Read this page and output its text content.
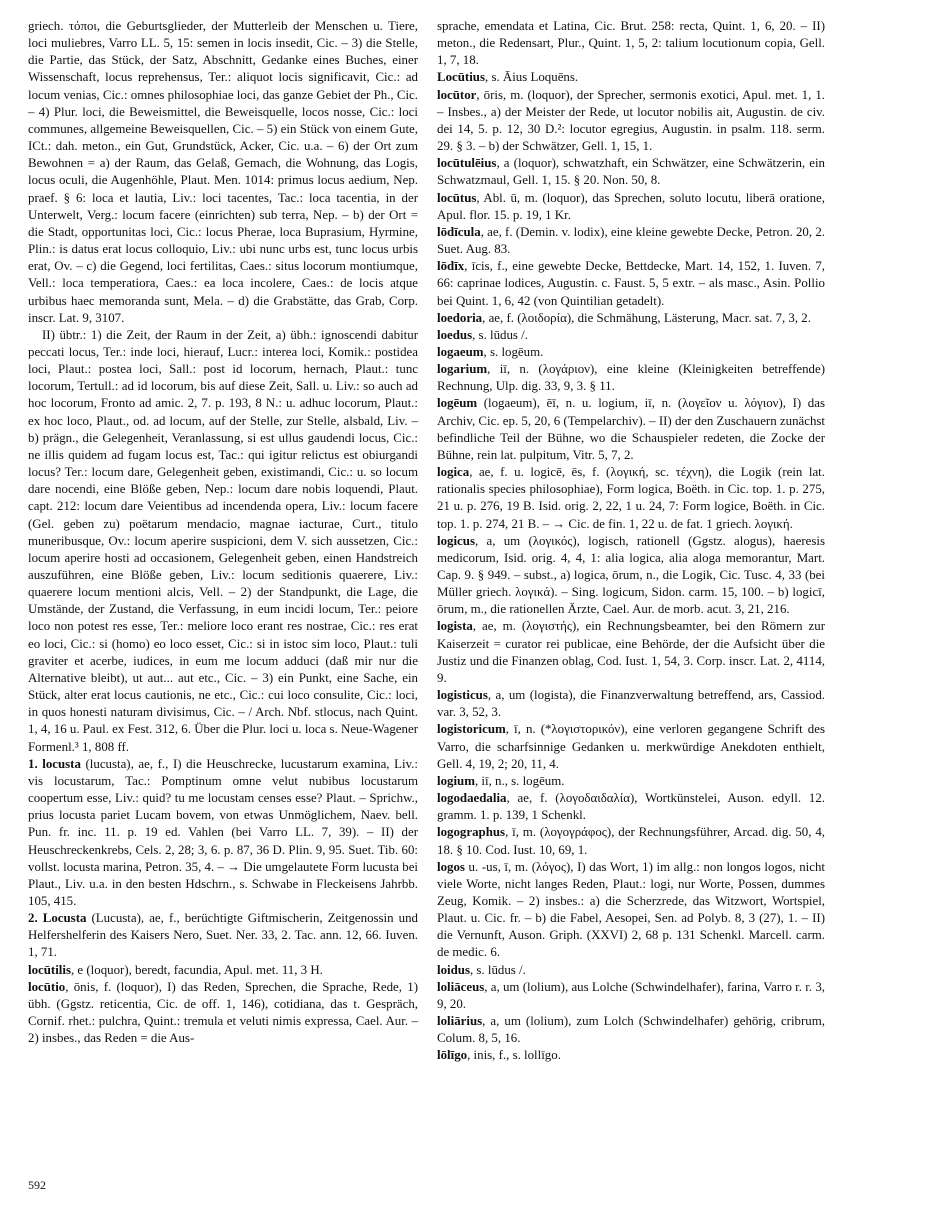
griech. τόποι, die Geburtsglieder, der Mutterleib der Menschen u. Tiere, loci muliebres, Varro LL. 5, 15: semen in locis insedit, Cic. – 3) die Stelle, die Partie, das Stück, der Satz, Abschnitt, Gedanke eines Buches, einer Wissenschaft, locus reprehensus, Ter.: aliquot locis significavit, Cic.: ad locum venias, Cic.: omnes philosophiae loci, das ganze Gebiet der Ph., Cic. – 4) Plur. loci, die Beweismittel, die Beweisquelle, locos nosse, Cic.: loci communes, allgemeine Beweisquellen, Cic. – 5) ein Stück von einem Gute, ICt.: dah. meton., ein Gut, Grundstück, Acker, Cic. u.a. – 6) der Ort zum Bewohnen = a) der Raum, das Gelaß, Gemach, die Wohnung, das Logis, locus oculi, die Augenhöhle, Plaut. Men. 1014: primus locus aedium, Nep. praef. § 6: loca et lautia, Liv.: loci tacentes, Tac.: loca tacentia, in der Unterwelt, Verg.: locum facere (einrichten) sub terra, Nep. – b) der Ort = die Stadt, opportunitas loci, Cic.: locus Pherae, loca Buprasium, Hyrmine, Plin.: is datus erat locus colloquio, Liv.: ubi nunc urbs est, tunc locus urbis erat, Ov. – c) die Gegend, loci fertilitas, Caes.: situs locorum montiumque, Vell.: loca temperatiora, Caes.: ea loca incolere, Caes.: de locis atque urbibus haec memoranda sunt, Mela. – d) die Grabstätte, das Grab, Corp. inscr. Lat. 9, 3107.

II) übtr.: 1) die Zeit, der Raum in der Zeit, a) übh.: ignoscendi dabitur peccati locus, Ter.: inde loci, hierauf, Lucr.: interea loci, Komik.: postidea loci, Plaut.: postea loci, Sall.: post id locorum, hernach, Plaut.: tunc locorum, Tertull.: ad id locorum, bis auf diese Zeit, Sall. u. Liv.: so auch ad hoc locorum, Fronto ad amic. 2, 7. p. 193, 8 N.: u. adhuc locorum, Plaut.: ex hoc loco, Plaut., od. ad locum, auf der Stelle, zur Stelle, alsbald, Liv. – b) prägn., die Gelegenheit, Veranlassung, si est ullus gaudendi locus, Cic.: ne illis quidem ad fugam locus est, Tac.: qui igitur relictus est obiurgandi locus? Ter.: locum dare, Gelegenheit geben, existimandi, Cic.: u. so locum dare nocendi, eine Blöße geben, Nep.: locum dare nobis loquendi, Plaut. capt. 212: locum dare Veientibus ad incendenda opera, Liv.: locum facere (Gel. geben zu) poëtarum mendacio, magnae iacturae, Curt., titulo muneribusque, Ov.: locum aperire suspicioni, dem V. sich aussetzen, Cic.: locum aperire hosti ad occasionem, Gelegenheit geben, einen Handstreich auszuführen, eine Blöße geben, Liv.: locum seditionis quaerere, Liv.: quaerere locum mentioni alcis, Vell. – 2) der Standpunkt, die Lage, die Umstände, der Zustand, die Verfassung, in eum incidi locum, Ter.: peiore loco non potest res esse, Ter.: meliore loco erant res nostrae, Cic.: res erat eo loci, Cic.: si (homo) eo loco esset, Cic.: si in istoc sim loco, Plaut.: tuli graviter et acerbe, iudices, in eum me locum adduci (daß mir nur die Alternative bleibt), ut aut... aut etc., Cic. – 3) ein Punkt, eine Sache, ein Stück, alter erat locus cautionis, ne etc., Cic.: cui loco consulite, Cic.: loci, in quos honesti naturam divisimus, Cic. – / Arch. Nbf. stlocus, nach Quint. 1, 4, 16 u. Paul. ex Fest. 312, 6. Über die Plur. loci u. loca s. Neue-Wagener Formenl.³ 1, 808 ff.

1. locusta (lucusta), ae, f., I) die Heuschrecke, lucustarum examina, Liv.: vis locustarum, Tac.: Pomptinum omne velut nubibus locustarum coopertum esse, Liv.: quid? tu me locustam censes esse? Plaut. – Sprichw., prius locusta pariet Lucam bovem, von etwas Unmöglichem, Naev. bell. Pun. fr. inc. 11. p. 19 ed. Vahlen (bei Varro LL. 7, 39). – II) der Heuschreckenkrebs, Cels. 2, 28; 3, 6. p. 87, 36 D. Plin. 9, 95. Suet. Tib. 60: vollst. locusta marina, Petron. 35, 4. – → Die umgelautete Form lucusta bei Plaut., Liv. u.a. in den besten Hdschrn., s. Schwabe in Fleckeisens Jahrbb. 105, 415.

2. Locusta (Lucusta), ae, f., berüchtigte Giftmischerin, Zeitgenossin und Helfershelferin des Kaisers Nero, Suet. Ner. 33, 2. Tac. ann. 12, 66. Iuven. 1, 71.

locūtilis, e (loquor), beredt, facundia, Apul. met. 11, 3 H.

locūtio, ōnis, f. (loquor), I) das Reden, Sprechen, die Sprache, Rede, 1) übh. (Ggstz. reticentia, Cic. de off. 1, 146), cotidiana, das t. Gespräch, Cornif. rhet.: pulchra, Quint.: tremula et veluti nimis expressa, Cael. Aur. – 2) insbes., das Reden = die Aus-

sprache, emendata et Latina, Cic. Brut. 258: recta, Quint. 1, 6, 20. – II) meton., die Redensart, Plur., Quint. 1, 5, 2: talium locutionum copia, Gell. 1, 7, 18.

Locūtius, s. Āius Loquēns.

locūtor, ōris, m. (loquor), der Sprecher, sermonis exotici, Apul. met. 1, 1. – Insbes., a) der Meister der Rede, ut locutor nobilis ait, Augustin. de civ. dei 14, 5. p. 12, 30 D.²: locutor egregius, Augustin. in psalm. 118. serm. 29. § 3. – b) der Schwätzer, Gell. 1, 15, 1.

locūtulēius, a (loquor), schwatzhaft, ein Schwätzer, eine Schwätzerin, ein Schwatzmaul, Gell. 1, 15. § 20. Non. 50, 8.

locūtus, Abl. ū, m. (loquor), das Sprechen, soluto locutu, liberā oratione, Apul. flor. 15. p. 19, 1 Kr.

lōdīcula, ae, f. (Demin. v. lodix), eine kleine gewebte Decke, Petron. 20, 2. Suet. Aug. 83.

lōdīx, īcis, f., eine gewebte Decke, Bettdecke, Mart. 14, 152, 1. Iuven. 7, 66: caprinae lodices, Augustin. c. Faust. 5, 5 extr. – als masc., Asin. Pollio bei Quint. 1, 6, 42 (von Quintilian getadelt).

loedoria, ae, f. (λοιδορία), die Schmähung, Lästerung, Macr. sat. 7, 3, 2.

loedus, s. lūdus /.

logaeum, s. logēum.

logarium, iī, n. (λογάριον), eine kleine (Kleinigkeiten betreffende) Rechnung, Ulp. dig. 33, 9, 3. § 11.

logēum (logaeum), ēī, n. u. logium, iī, n. (λογεῖον u. λόγιον), I) das Archiv, Cic. ep. 5, 20, 6 (Tempelarchiv). – II) der den Zuschauern zunächst befindliche Teil der Bühne, wo die Schauspieler redeten, die Zocke der Bühne, rein lat. pulpitum, Vitr. 5, 7, 2.

logica, ae, f. u. logicē, ēs, f. (λογική, sc. τέχνη), die Logik (rein lat. rationalis species philosophiae), Form logica, Boëth. in Cic. top. 1. p. 275, 21 u. p. 276, 19 B. Isid. orig. 2, 22, 1 u. 24, 7: Form logice, Boëth. in Cic. top. 1. p. 274, 21 B. – → Cic. de fin. 1, 22 u. de fat. 1 griech. λογική.

logicus, a, um (λογικός), logisch, rationell (Ggstz. alogus), haeresis medicorum, Isid. orig. 4, 4, 1: alia logica, alia aloga memorantur, Mart. Cap. 9. § 949. – subst., a) logica, ōrum, n., die Logik, Cic. Tusc. 4, 33 (bei Müller griech. λογικά). – Sing. logicum, Sidon. carm. 15, 100. – b) logicī, ōrum, m., die rationellen Ärzte, Cael. Aur. de morb. acut. 3, 21, 216.

logista, ae, m. (λογιστής), ein Rechnungsbeamter, bei den Römern zur Kaiserzeit = curator rei publicae, eine Behörde, der die Aufsicht über die Justiz und die Finanzen oblag, Cod. Iust. 1, 54, 3. Corp. inscr. Lat. 2, 4114, 9.

logisticus, a, um (logista), die Finanzverwaltung betreffend, ars, Cassiod. var. 3, 52, 3.

logistoricum, ī, n. (*λογιστορικόν), eine verloren gegangene Schrift des Varro, die scharfsinnige Gedanken u. merkwürdige Anekdoten enthielt, Gell. 4, 19, 2; 20, 11, 4.

logium, iī, n., s. logēum.

logodaedalia, ae, f. (λογοδαιδαλία), Wortkünstelei, Auson. edyll. 12. gramm. 1. p. 139, 1 Schenkl.

logographus, ī, m. (λογογράφος), der Rechnungsführer, Arcad. dig. 50, 4, 18. § 10. Cod. Iust. 10, 69, 1.

logos u. -us, ī, m. (λόγος), I) das Wort, 1) im allg.: non longos logos, nicht viele Worte, nicht langes Reden, Plaut.: logi, nur Worte, Possen, dummes Zeug, Komik. – 2) insbes.: a) die Scherzrede, das Witzwort, Wortspiel, Plaut. u. Cic. fr. – b) die Fabel, Aesopei, Sen. ad Polyb. 8, 3 (27), 1. – II) die Vernunft, Auson. Griph. (XXVI) 2, 68 p. 131 Schenkl. Marcell. carm. de medic. 6.

loidus, s. lūdus /.

loliāceus, a, um (lolium), aus Lolche (Schwindelhafer), farina, Varro r. r. 3, 9, 20.

loliārius, a, um (lolium), zum Lolch (Schwindelhafer) gehörig, cribrum, Colum. 8, 5, 16.

lōlīgo, inis, f., s. lollīgo.

592
